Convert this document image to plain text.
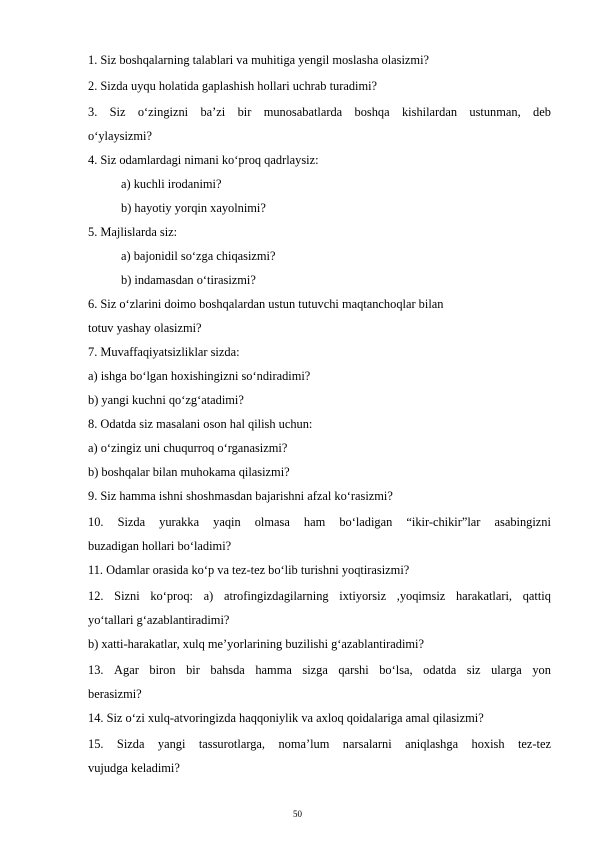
1. Siz boshqalarning talablari va muhitiga yengil moslasha olasizmi?
2. Sizda uyqu holatida gaplashish hollari uchrab turadimi?
3. Siz o‘zingizni ba’zi bir munosabatlarda boshqa kishilardan ustunman, deb
o‘ylaysizmi?
4. Siz odamlardagi nimani ko‘proq qadrlaysiz:
a) kuchli irodanimi?
b) hayotiy yorqin xayolnimi?
5. Majlislarda siz:
a) bajonidil so‘zga chiqasizmi?
b) indamasdan o‘tirasizmi?
6. Siz o‘zlarini doimo boshqalardan ustun tutuvchi maqtanchoqlar bilan
totuv yashay olasizmi?
7. Muvaffaqiyatsizliklar sizda:
a) ishga bo‘lgan hoxishingizni so‘ndiradimi?
b) yangi kuchni qo‘zg‘atadimi?
8. Odatda siz masalani oson hal qilish uchun:
a) o‘zingiz uni chuqurroq o‘rganasizmi?
b) boshqalar bilan muhokama qilasizmi?
9. Siz hamma ishni shoshmasdan bajarishni afzal ko‘rasizmi?
10. Sizda yurakka yaqin olmasa ham bo‘ladigan “ikir-chikir”lar asabingizni
buzadigan hollari bo‘ladimi?
11. Odamlar orasida ko‘p va tez-tez bo‘lib turishni yoqtirasizmi?
12. Sizni ko‘proq: a) atrofingizdagilarning ixtiyorsiz ,yoqimsiz harakatlari, qattiq
yo‘tallari g‘azablantiradimi?
b) xatti-harakatlar, xulq me’yorlarining buzilishi g‘azablantiradimi?
13. Agar biron bir bahsda hamma sizga qarshi bo‘lsa, odatda siz ularga yon
berasizmi?
14. Siz o‘zi xulq-atvoringizda haqqoniylik va axloq qoidalariga amal qilasizmi?
15. Sizda yangi tassurotlarga, noma’lum narsalarni aniqlashga hoxish tez-tez
vujudga keladimi?
50
